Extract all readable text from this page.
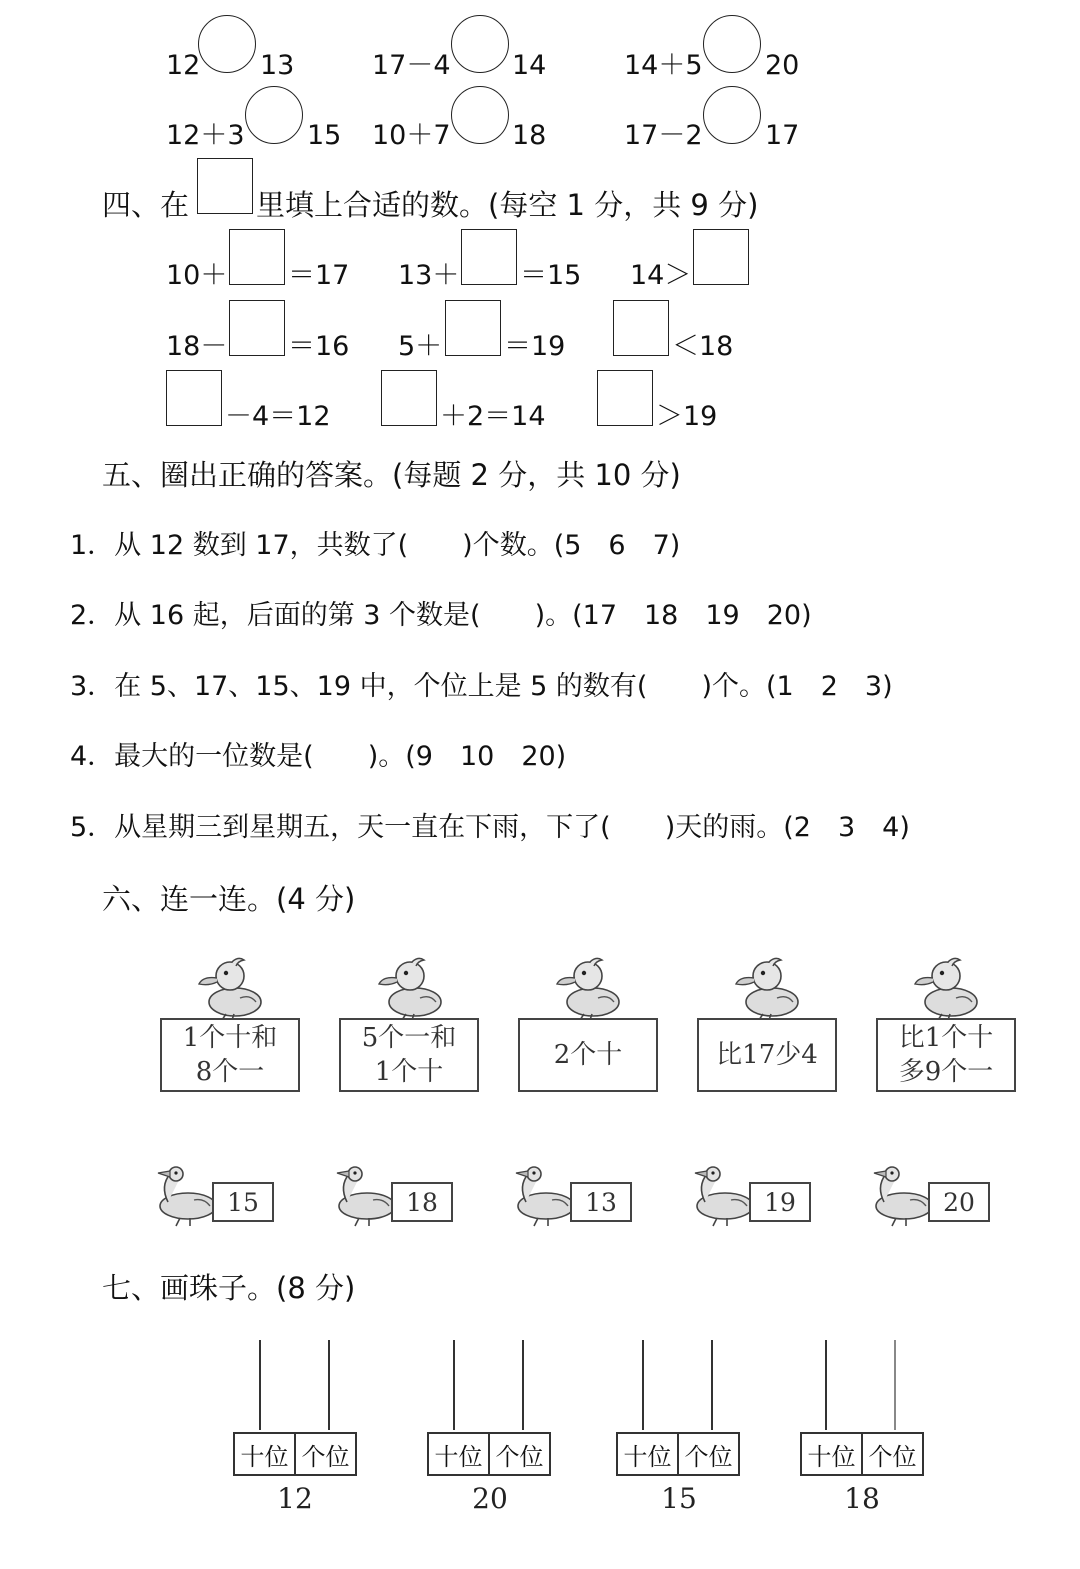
12 13	17－4 14	14＋5 20
12＋3 15 10＋7 18	17－2 17
四、在 里填上合适的数。(每空 1 分，共 9 分)
10＋ ＝17 13＋ ＝15 14＞
18－ ＝16 5＋ ＝19	＜18
－4＝12	＋2＝14	＞19
五、圈出正确的答案。(每题 2 分，共 10 分)
1．从 12 数到 17，共数了(　　)个数。(5　6　7)
2．从 16 起，后面的第 3 个数是(　　)。(17　18　19　20)
3．在 5、17、15、19 中，个位上是 5 的数有(　　)个。(1　2　3)
4．最大的一位数是(　　)。(9　10　20)
5．从星期三到星期五，天一直在下雨，下了(　　)天的雨。(2　3　4)
六、连一连。(4 分)
1个十和
8个一
5个一和
1个十
2个十	比17少4
比1个十
多9个一
15	18	13	19	20
七、画珠子。(8 分)
十位 个位
12
十位 个位
20
十位 个位
15
十位 个位
18
